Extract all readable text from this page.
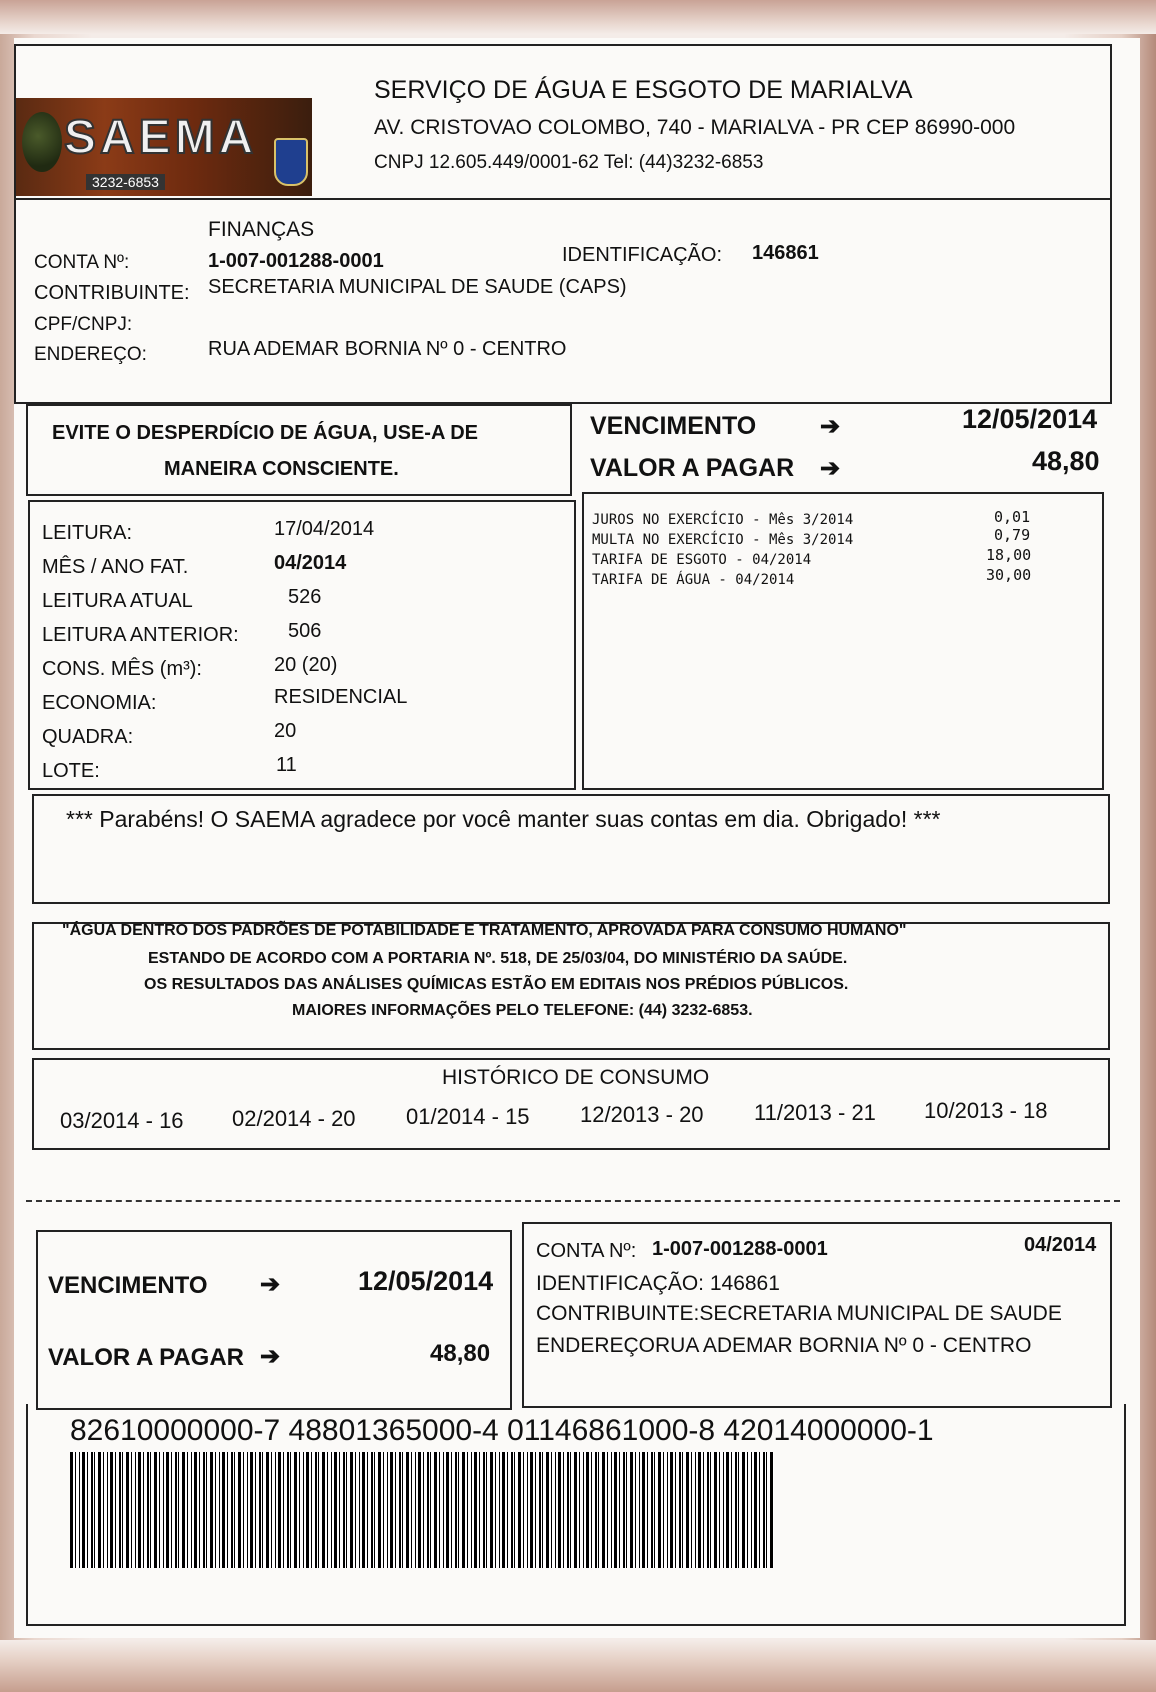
SAEMA
3232-6853
SERVIÇO DE ÁGUA E ESGOTO DE MARIALVA
AV. CRISTOVAO COLOMBO, 740 - MARIALVA - PR CEP 86990-000
CNPJ 12.605.449/0001-62 Tel: (44)3232-6853
FINANÇAS
CONTA Nº:	1-007-001288-0001	IDENTIFICAÇÃO: 146861
CONTRIBUINTE: SECRETARIA MUNICIPAL DE SAUDE (CAPS)
CPF/CNPJ:
ENDEREÇO:	RUA ADEMAR BORNIA Nº 0 - CENTRO
EVITE O DESPERDÍCIO DE ÁGUA, USE-A DE
MANEIRA CONSCIENTE.
VENCIMENTO	➔	12/05/2014
VALOR A PAGAR ➔	48,80
LEITURA:	17/04/2014
MÊS / ANO FAT.	04/2014
LEITURA ATUAL	526
LEITURA ANTERIOR: 506
CONS. MÊS (m³):	20 (20)
ECONOMIA:	RESIDENCIAL
QUADRA:	20
LOTE:	11
JUROS NO EXERCÍCIO - Mês 3/2014	0,01
MULTA NO EXERCÍCIO - Mês 3/2014	0,79
TARIFA DE ESGOTO - 04/2014	18,00
TARIFA DE ÁGUA - 04/2014	30,00
*** Parabéns! O SAEMA agradece por você manter suas contas em dia. Obrigado! ***
"ÁGUA DENTRO DOS PADRÕES DE POTABILIDADE E TRATAMENTO, APROVADA PARA CONSUMO HUMANO"
ESTANDO DE ACORDO COM A PORTARIA Nº. 518, DE 25/03/04, DO MINISTÉRIO DA SAÚDE.
OS RESULTADOS DAS ANÁLISES QUÍMICAS ESTÃO EM EDITAIS NOS PRÉDIOS PÚBLICOS.
MAIORES INFORMAÇÕES PELO TELEFONE: (44) 3232-6853.
HISTÓRICO DE CONSUMO
03/2014 - 16 02/2014 - 20 01/2014 - 15 12/2013 - 20 11/2013 - 21 10/2013 - 18
VENCIMENTO ➔	12/05/2014
VALOR A PAGAR ➔	48,80
CONTA Nº: 1-007-001288-0001	04/2014
IDENTIFICAÇÃO: 146861
CONTRIBUINTE:SECRETARIA MUNICIPAL DE SAUDE
ENDEREÇORUA ADEMAR BORNIA Nº 0 - CENTRO
82610000000-7 48801365000-4 01146861000-8 42014000000-1
